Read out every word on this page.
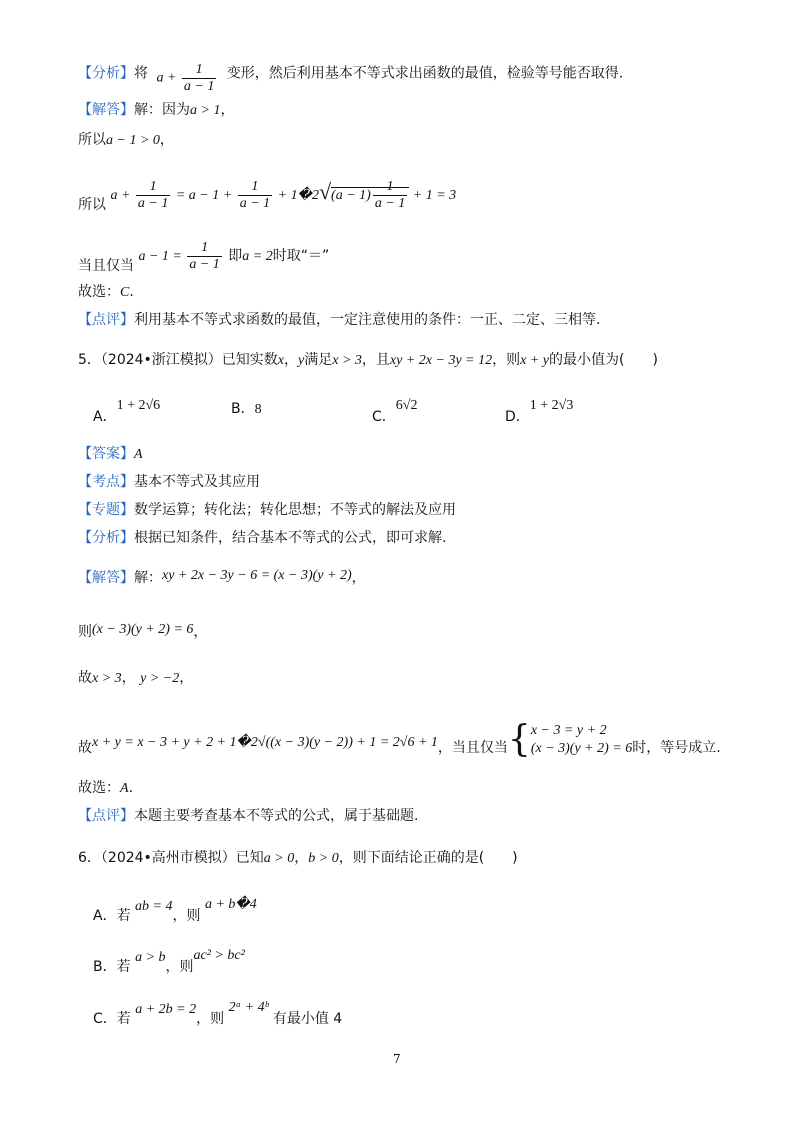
【分析】将 $a + \frac{1}{a - 1}$ 变形，然后利用基本不等式求出函数的最值，检验等号能否取得.
【解答】解：因为a > 1，
所以a − 1 > 0，
所以 $a + \frac{1}{a - 1} = a - 1 + \frac{1}{a - 1}$ + 1�2√(a − $1) \frac{1}{a - 1} + 1 = 3$
当且仅当 $a - 1 = \frac{1}{a - 1}$ 即a = 2时取“＝”
故选：C.
【点评】利用基本不等式求函数的最值，一定注意使用的条件：一正、二定、三相等.
5．（2024•浙江模拟）已知实数x，y满足x > 3，且xy + 2x − 3y = 12，则x + y的最小值为(　　)
A．1 + 2√6	B．8	C．6√2
D．1 + 2√3
【答案】A
【考点】基本不等式及其应用
【专题】数学运算；转化法；转化思想；不等式的解法及应用
【分析】根据已知条件，结合基本不等式的公式，即可求解.
【解答】解：xy + 2x − 3y − 6 = (x − 3)(y + 2)，
则(x − 3)(y + 2) = 6，
故x > 3， y > −2，
故x + y = x − 3 + y + 2 + 1�2√((x − 3)(y − 2)) + 1 = 2√6 + 1，当且仅当{ x − 3 = y + 2
(x − 3)(y + 2) = 6 时，等号成立.
故选：A.
【点评】本题主要考查基本不等式的公式，属于基础题.
6．（2024•高州市模拟）已知a > 0，b > 0，则下面结论正确的是(　　)
A．若 ab = 4，则 a + b�4
B．若 a > b，则ac² > bc²
C．若 a + 2b = 2，则 2ᵃ + 4ᵇ 有最小值 4
7
